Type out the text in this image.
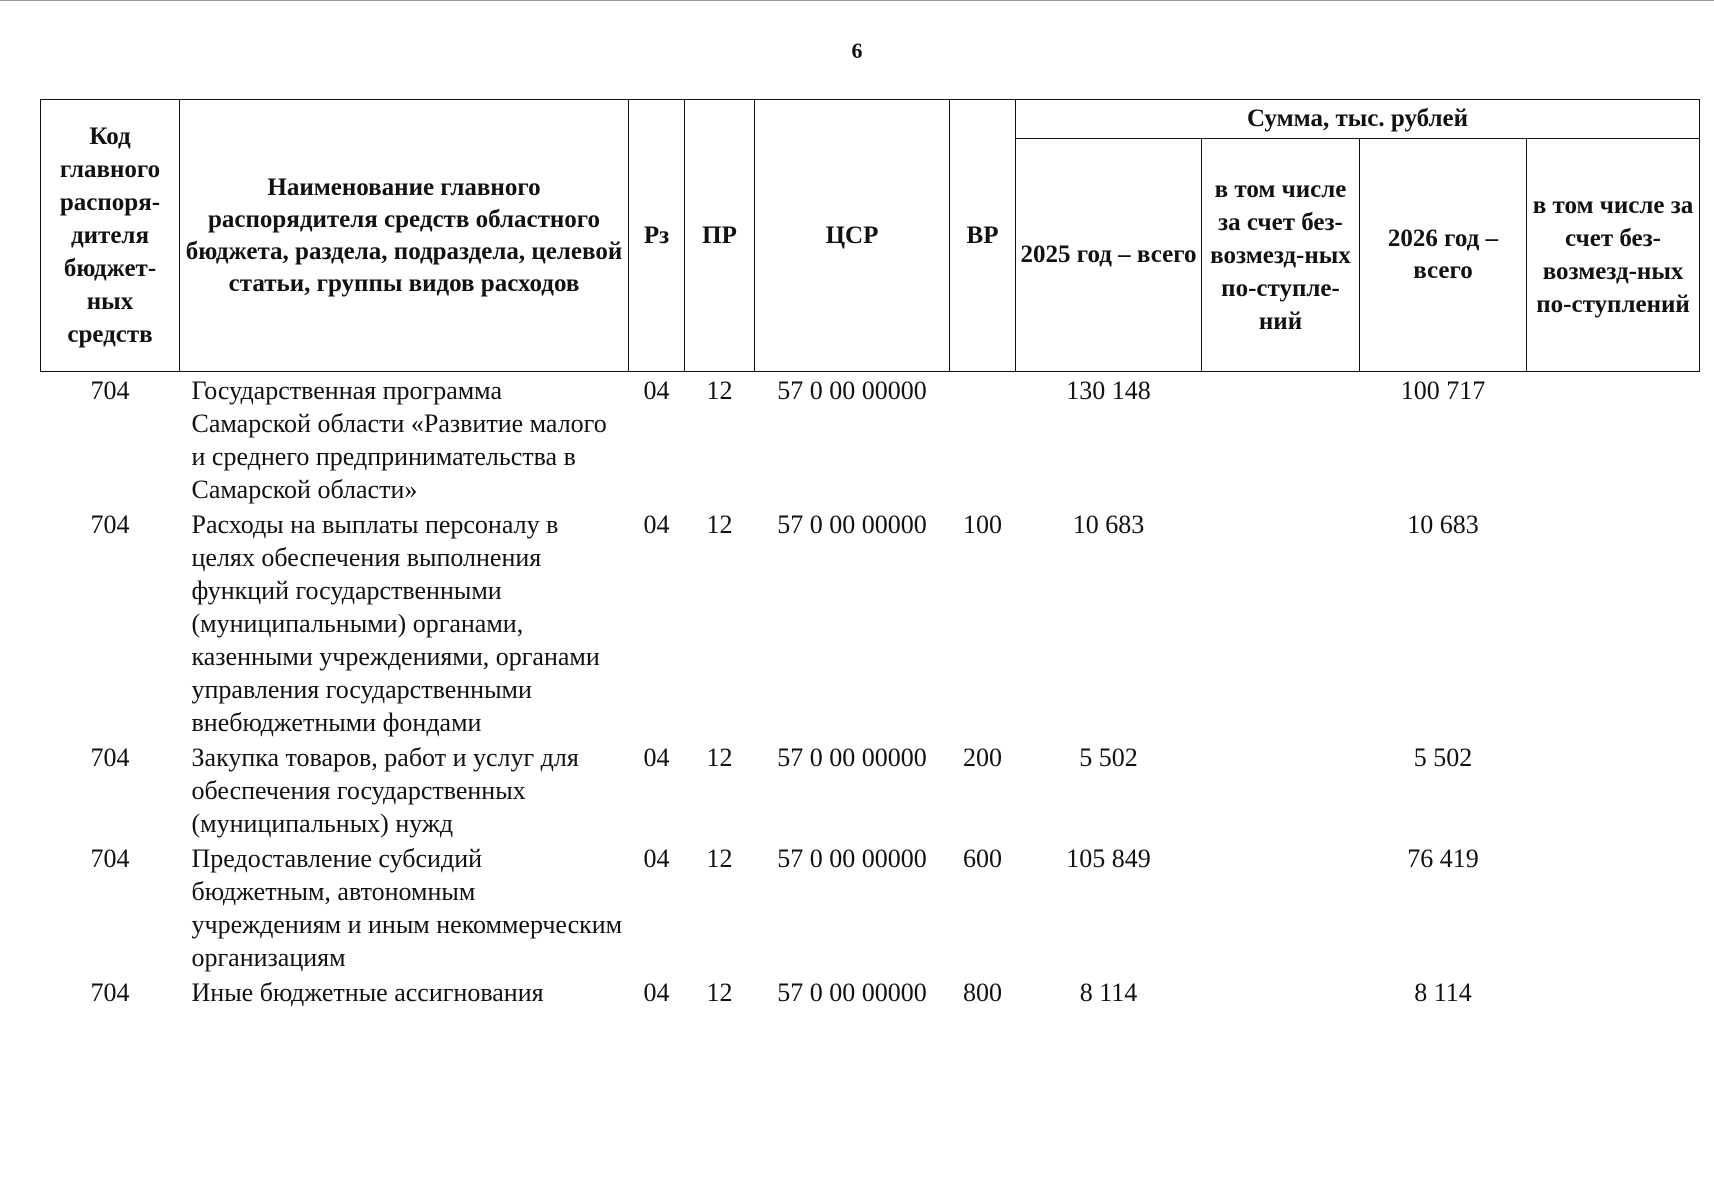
6
Код главного распоря-дителя бюджет-ных средств	Наименование главного распорядителя средств областного бюджета, раздела, подраздела, целевой статьи, группы видов расходов	Рз	ПР	ЦСР	ВР	Сумма, тыс. рублей			
						2025 год – всего	в том числе за счет без-возмезд-ных по-ступле-ний	2026 год – всего	в том числе за счет без-возмезд-ных по-ступлений
704	Государственная программа Самарской области «Развитие малого и среднего предпринимательства в Самарской области»	04	12	57 0 00 00000		130 148		100 717	
704	Расходы на выплаты персоналу в целях обеспечения выполнения функций государственными (муниципальными) органами, казенными учреждениями, органами управления государственными внебюджетными фондами	04	12	57 0 00 00000	100	10 683		10 683	
704	Закупка товаров, работ и услуг для обеспечения государственных (муниципальных) нужд	04	12	57 0 00 00000	200	5 502		5 502	
704	Предоставление субсидий бюджетным, автономным учреждениям и иным некоммерческим организациям	04	12	57 0 00 00000	600	105 849		76 419	
704	Иные бюджетные ассигнования	04	12	57 0 00 00000	800	8 114		8 114	
